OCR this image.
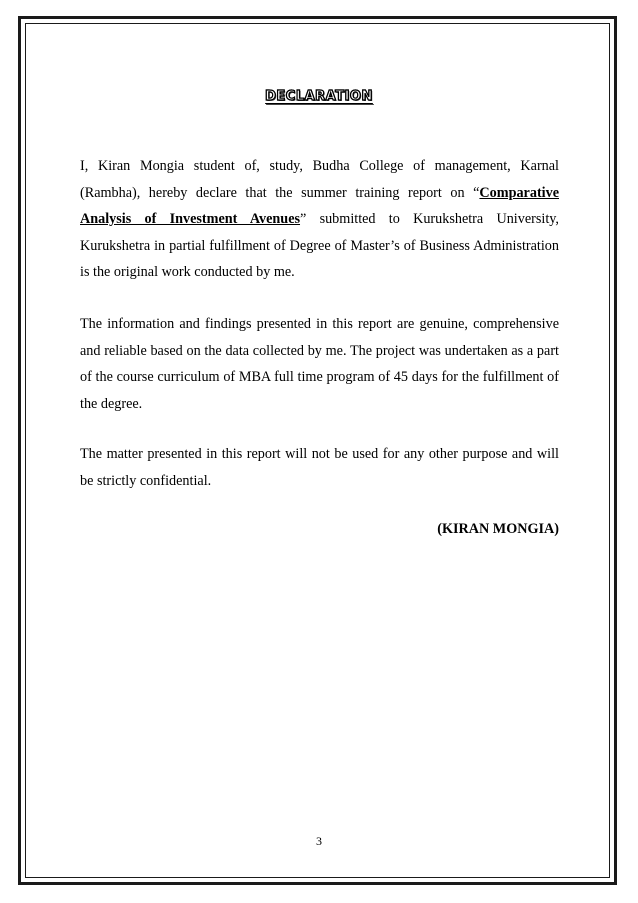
declaration

I, Kiran Mongia student of, study, Budha College of management, Karnal (Rambha), hereby declare that the summer training report on “Comparative Analysis of Investment Avenues” submitted to Kurukshetra University, Kurukshetra in partial fulfillment of Degree of Master’s of Business Administration is the original work conducted by me.

The information and findings presented in this report are genuine, comprehensive and reliable based on the data collected by me. The project was undertaken as a part of the course curriculum of MBA full time program of 45 days for the fulfillment of the degree.

The matter presented in this report will not be used for any other purpose and will be strictly confidential.

(KIRAN MONGIA)
3
